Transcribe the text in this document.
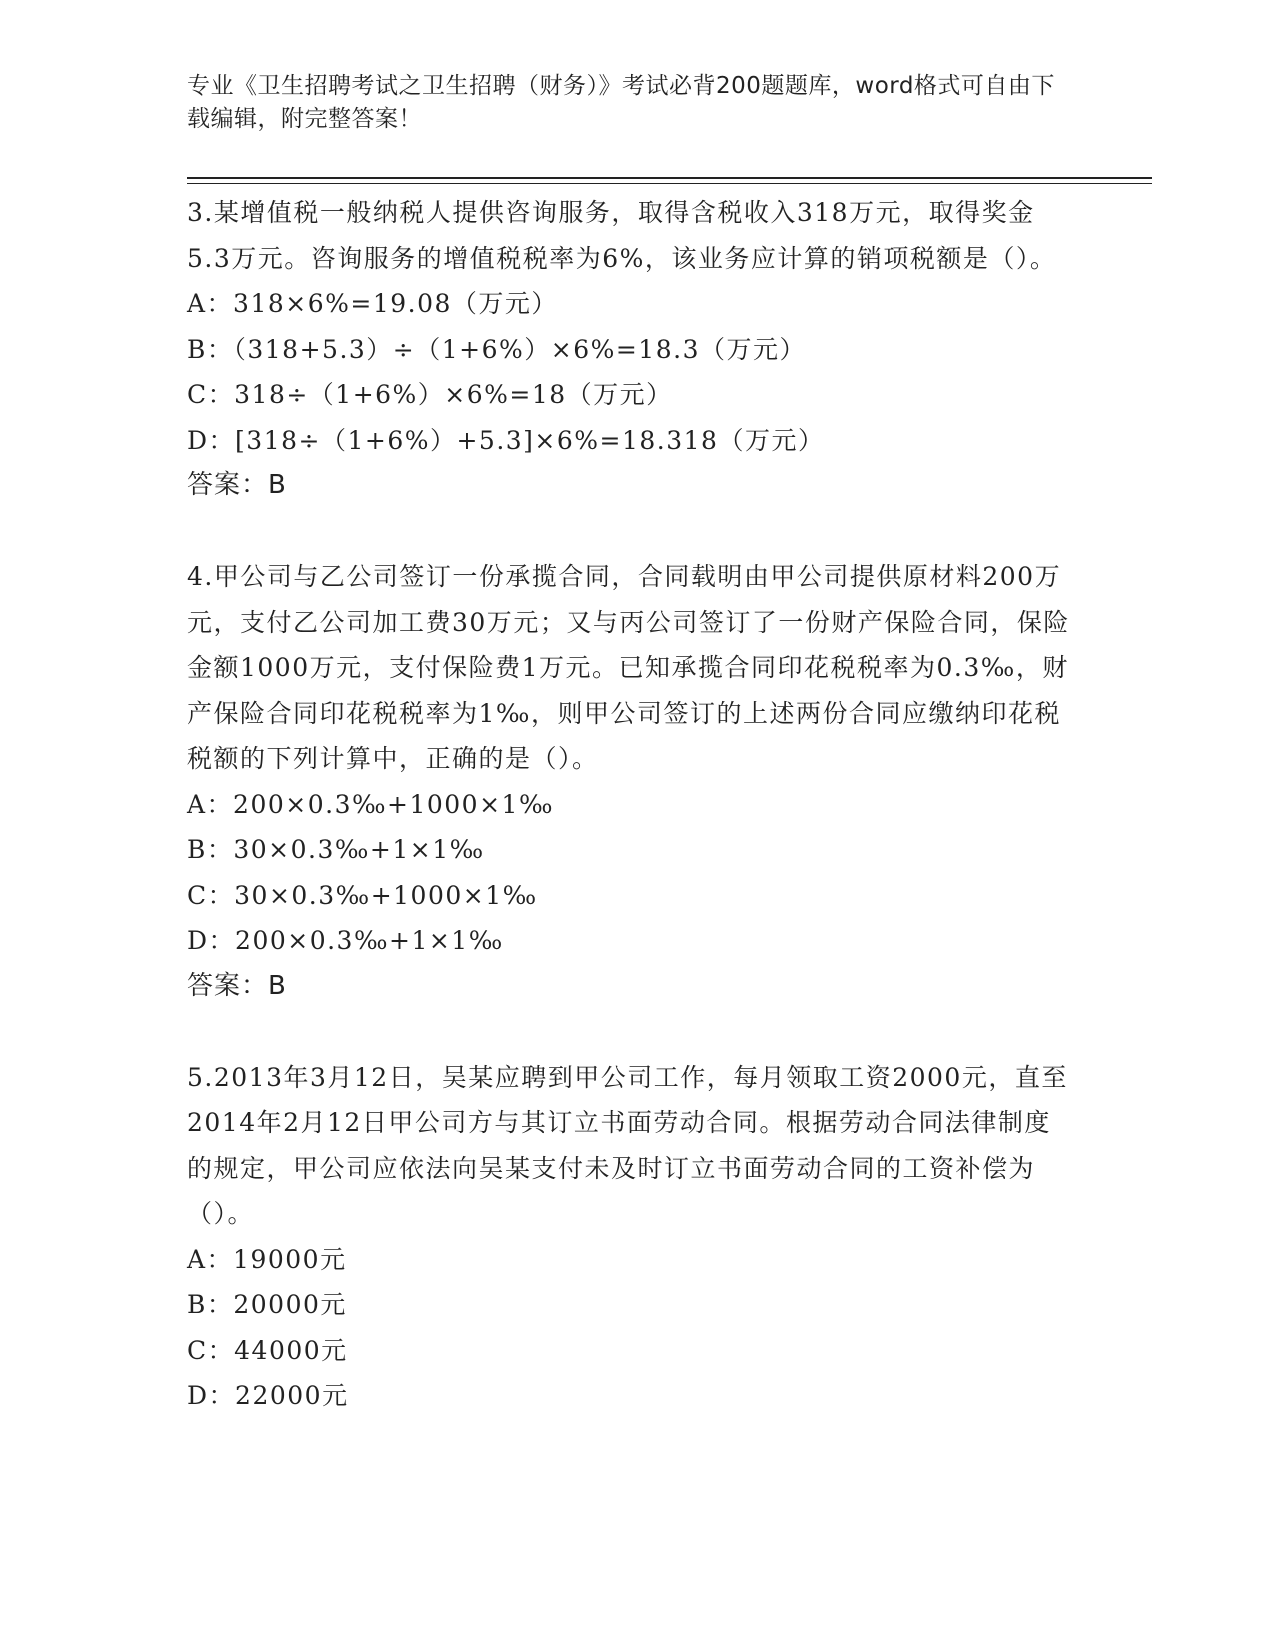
专业《卫生招聘考试之卫生招聘（财务）》考试必背200题题库，word格式可自由下载编辑，附完整答案！

3.某增值税一般纳税人提供咨询服务，取得含税收入318万元，取得奖金5.3万元。咨询服务的增值税税率为6%，该业务应计算的销项税额是（）。

A：318×6%=19.08（万元）

B：（318+5.3）÷（1+6%）×6%=18.3（万元）

C：318÷（1+6%）×6%=18（万元）

D：[318÷（1+6%）+5.3]×6%=18.318（万元）

答案：B

4.甲公司与乙公司签订一份承揽合同，合同载明由甲公司提供原材料200万元，支付乙公司加工费30万元；又与丙公司签订了一份财产保险合同，保险金额1000万元，支付保险费1万元。已知承揽合同印花税税率为0.3‰，财产保险合同印花税税率为1‰，则甲公司签订的上述两份合同应缴纳印花税税额的下列计算中，正确的是（）。

A：200×0.3‰+1000×1‰

B：30×0.3‰+1×1‰

C：30×0.3‰+1000×1‰

D：200×0.3‰+1×1‰

答案：B

5.2013年3月12日，吴某应聘到甲公司工作，每月领取工资2000元，直至2014年2月12日甲公司方与其订立书面劳动合同。根据劳动合同法律制度的规定，甲公司应依法向吴某支付未及时订立书面劳动合同的工资补偿为（）。

A：19000元

B：20000元

C：44000元

D：22000元
